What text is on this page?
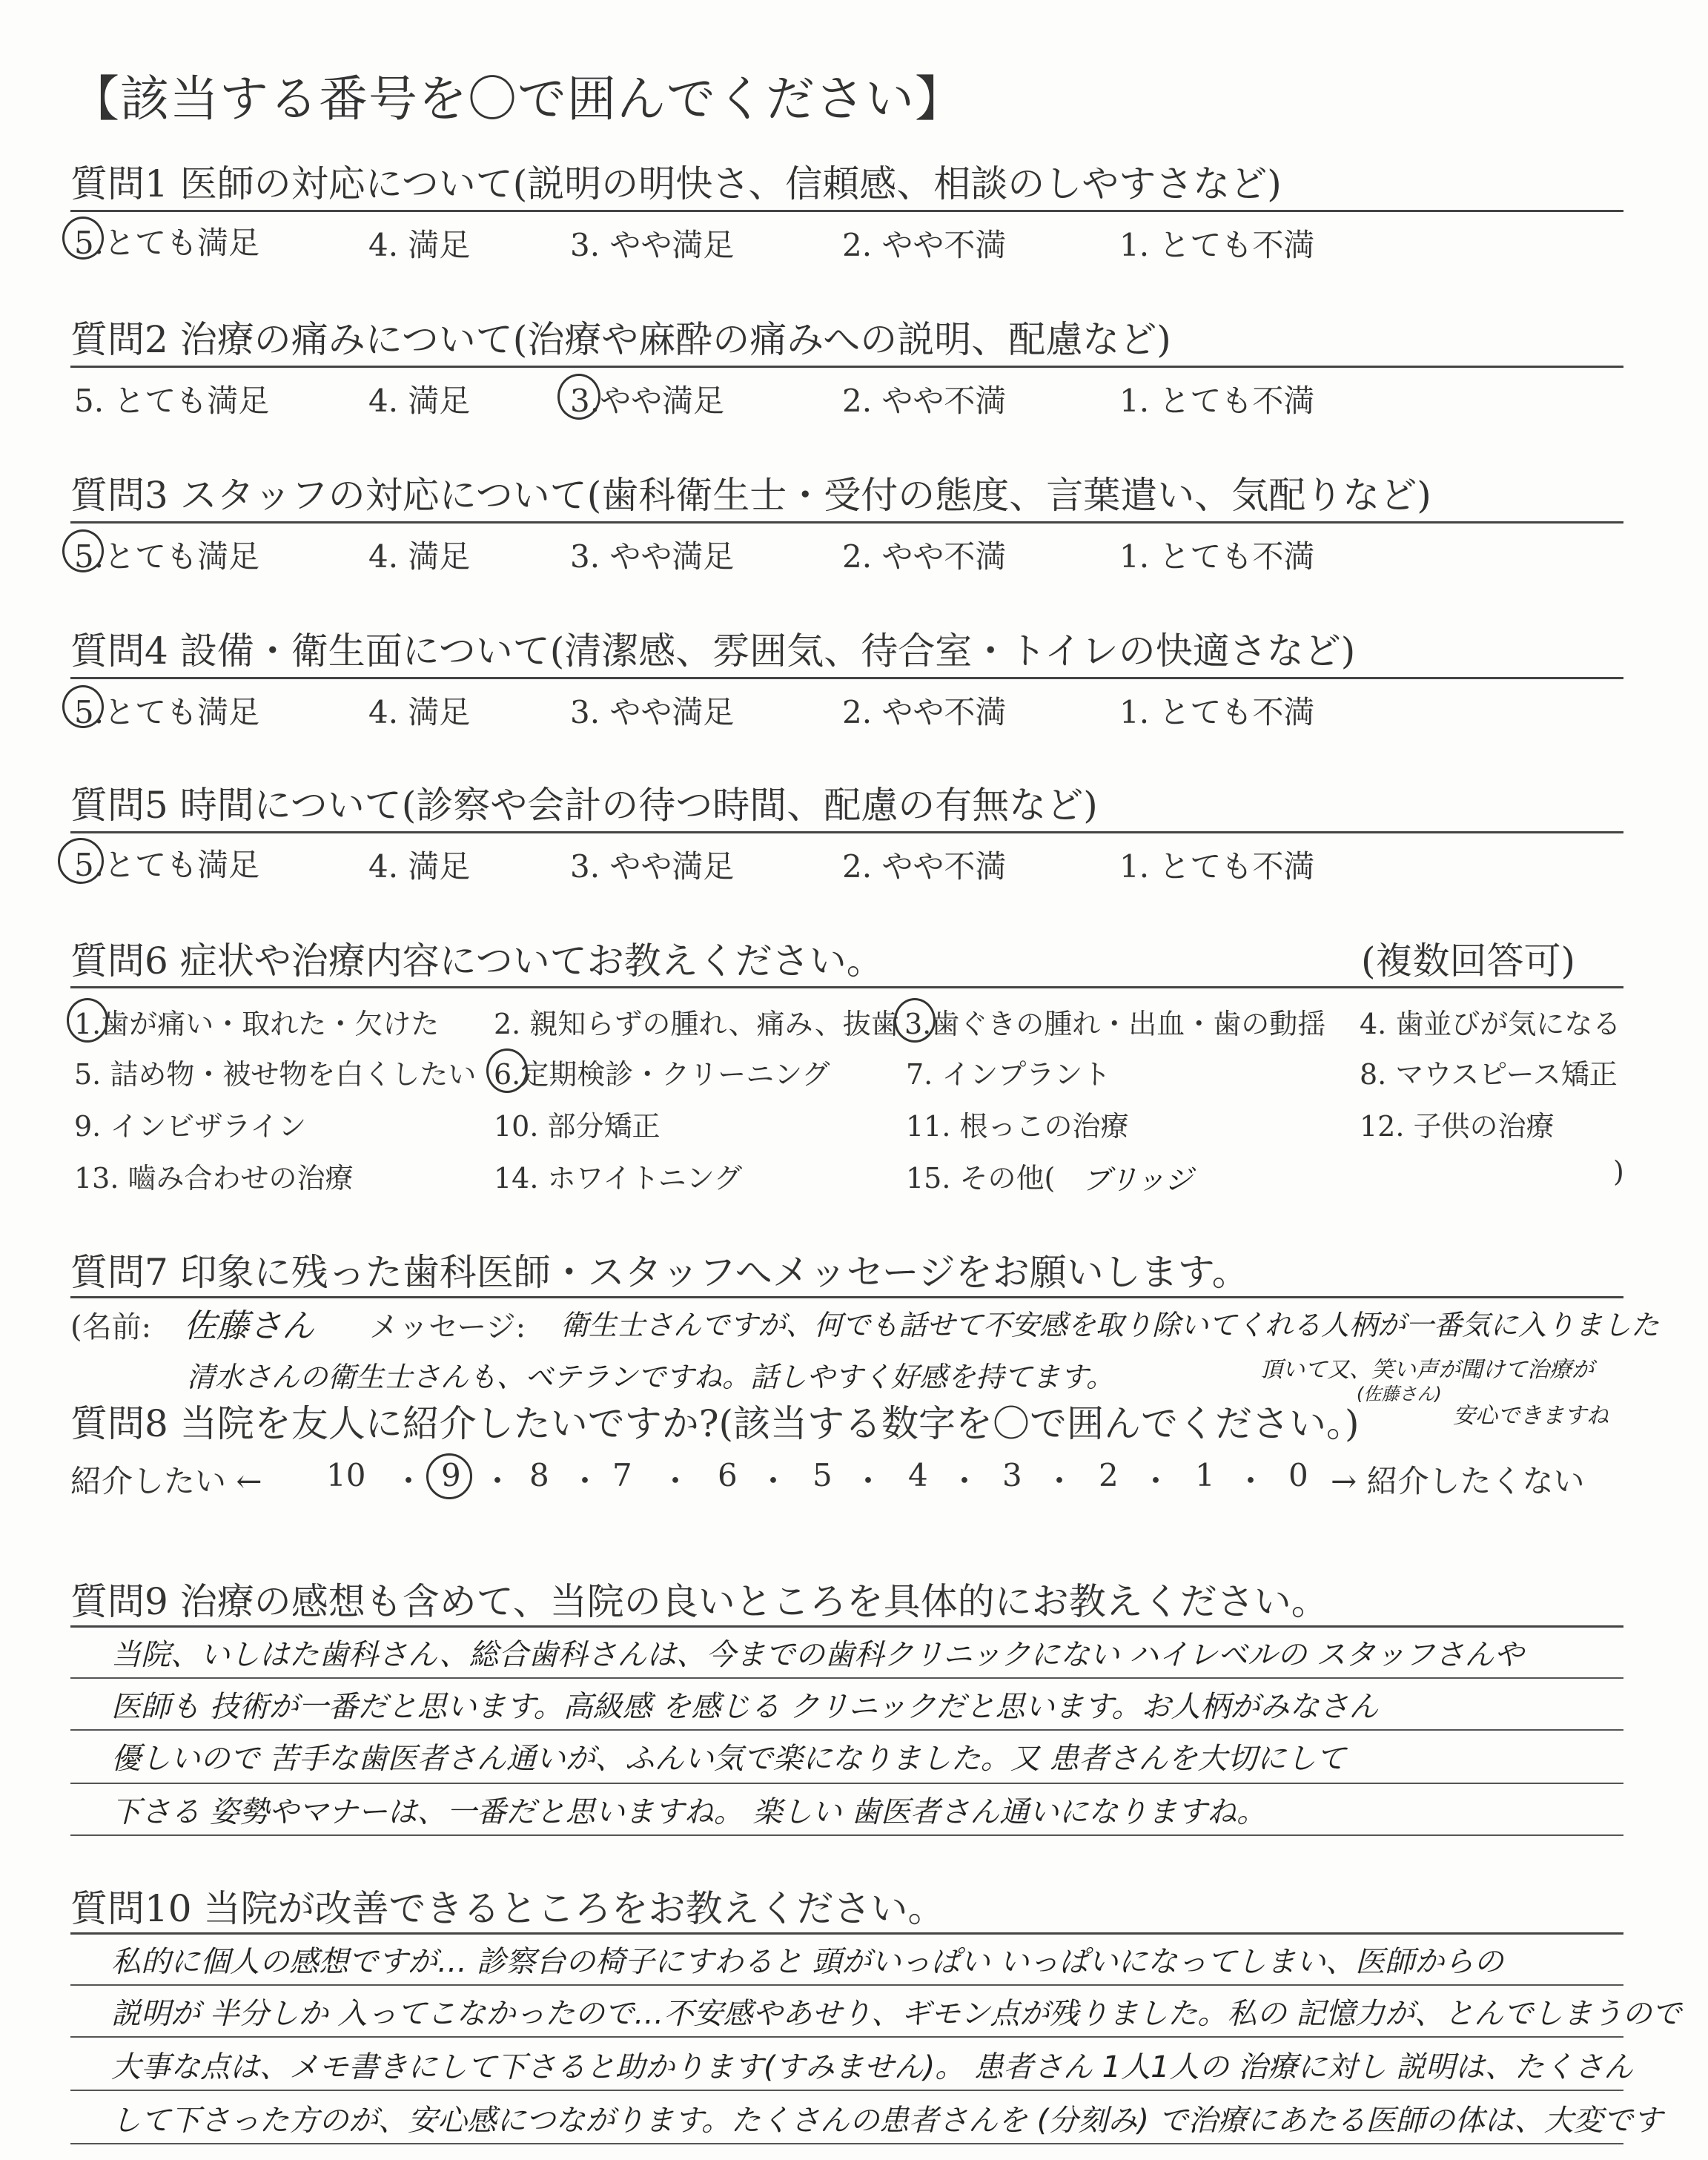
【該当する番号を〇で囲んでください】
質問1 医師の対応について(説明の明快さ、信頼感、相談のしやすさなど)
5.とても満足	4. 満足	3. やや満足	2. やや不満	1. とても不満
質問2 治療の痛みについて(治療や麻酔の痛みへの説明、配慮など)
5. とても満足	4. 満足	3.やや満足	2. やや不満	1. とても不満
質問3 スタッフの対応について(歯科衛生士・受付の態度、言葉遣い、気配りなど)
5.とても満足	4. 満足	3. やや満足	2. やや不満	1. とても不満
質問4 設備・衛生面について(清潔感、雰囲気、待合室・トイレの快適さなど)
5.とても満足	4. 満足	3. やや満足	2. やや不満	1. とても不満
質問5 時間について(診察や会計の待つ時間、配慮の有無など)
5.とても満足	4. 満足	3. やや満足	2. やや不満	1. とても不満
質問6 症状や治療内容についてお教えください。	(複数回答可)
1.歯が痛い・取れた・欠けた 2. 親知らずの腫れ、痛み、抜歯 3.歯ぐきの腫れ・出血・歯の動揺 4. 歯並びが気になる
5. 詰め物・被せ物を白くしたい 6.定期検診・クリーニング	7. インプラント	8. マウスピース矯正
9. インビザライン	10. 部分矯正	11. 根っこの治療	12. 子供の治療
13. 嚙み合わせの治療	14. ホワイトニング	15. その他( ブリッジ	)
質問7 印象に残った歯科医師・スタッフへメッセージをお願いします。
(名前: 佐藤さん メッセージ: 衛生士さんですが、何でも話せて不安感を取り除いてくれる人柄が一番気に入りました
清水さんの衛生士さんも、ベテランですね。話しやすく好感を持てます。	頂いて又、笑い声が聞けて治療が
(佐藤さん)
安心できますね
質問8 当院を友人に紹介したいですか?(該当する数字を〇で囲んでください。)
紹介したい ← 10 9 8 7	6 5 4 3 2 1 0
・ ・ ・ ・ ・ ・ ・ ・ ・ ・ → 紹介したくない
質問9 治療の感想も含めて、当院の良いところを具体的にお教えください。
当院、いしはた歯科さん、総合歯科さんは、今までの歯科クリニックにない ハイレベルの スタッフさんや
医師も 技術が一番だと思います。高級感 を感じる クリニックだと思います。お人柄がみなさん
優しいので 苦手な歯医者さん通いが、ふんい気で楽になりました。又 患者さんを大切にして
下さる 姿勢やマナーは、一番だと思いますね。 楽しい 歯医者さん通いになりますね。
質問10 当院が改善できるところをお教えください。
私的に個人の感想ですが… 診察台の椅子にすわると 頭がいっぱい いっぱいになってしまい、医師からの
説明が 半分しか 入ってこなかったので…不安感やあせり、ギモン点が残りました。私の 記憶力が、とんでしまうので
大事な点は、メモ書きにして下さると助かります(すみません)。 患者さん 1人1人の 治療に対し 説明は、たくさん
して下さった方のが、安心感につながります。たくさんの患者さんを (分刻み) で治療にあたる医師の体は、大変です
